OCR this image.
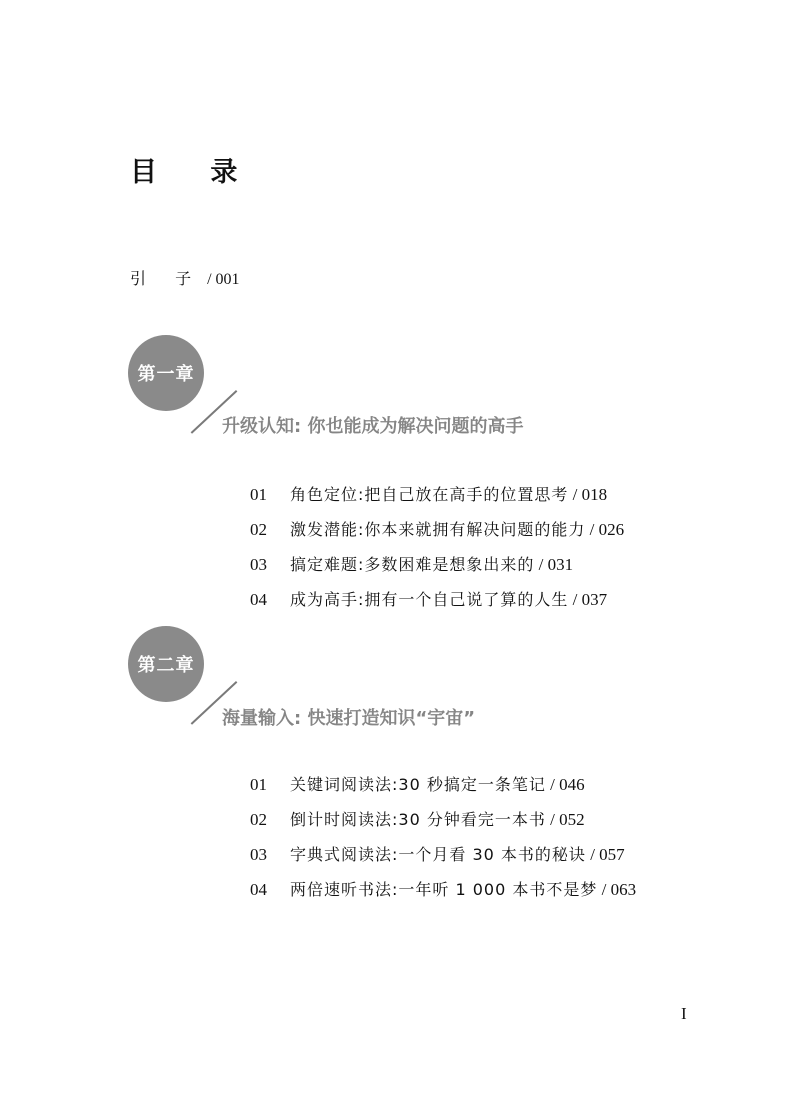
目 录
引 子 / 001
第一章
升级认知: 你也能成为解决问题的高手
01 角色定位:把自己放在高手的位置思考 / 018
02 激发潜能:你本来就拥有解决问题的能力 / 026
03 搞定难题:多数困难是想象出来的 / 031
04 成为高手:拥有一个自己说了算的人生 / 037
第二章
海量输入: 快速打造知识“宇宙”
01 关键词阅读法:30 秒搞定一条笔记 / 046
02 倒计时阅读法:30 分钟看完一本书 / 052
03 字典式阅读法:一个月看 30 本书的秘诀 / 057
04 两倍速听书法:一年听 1 000 本书不是梦 / 063
I
